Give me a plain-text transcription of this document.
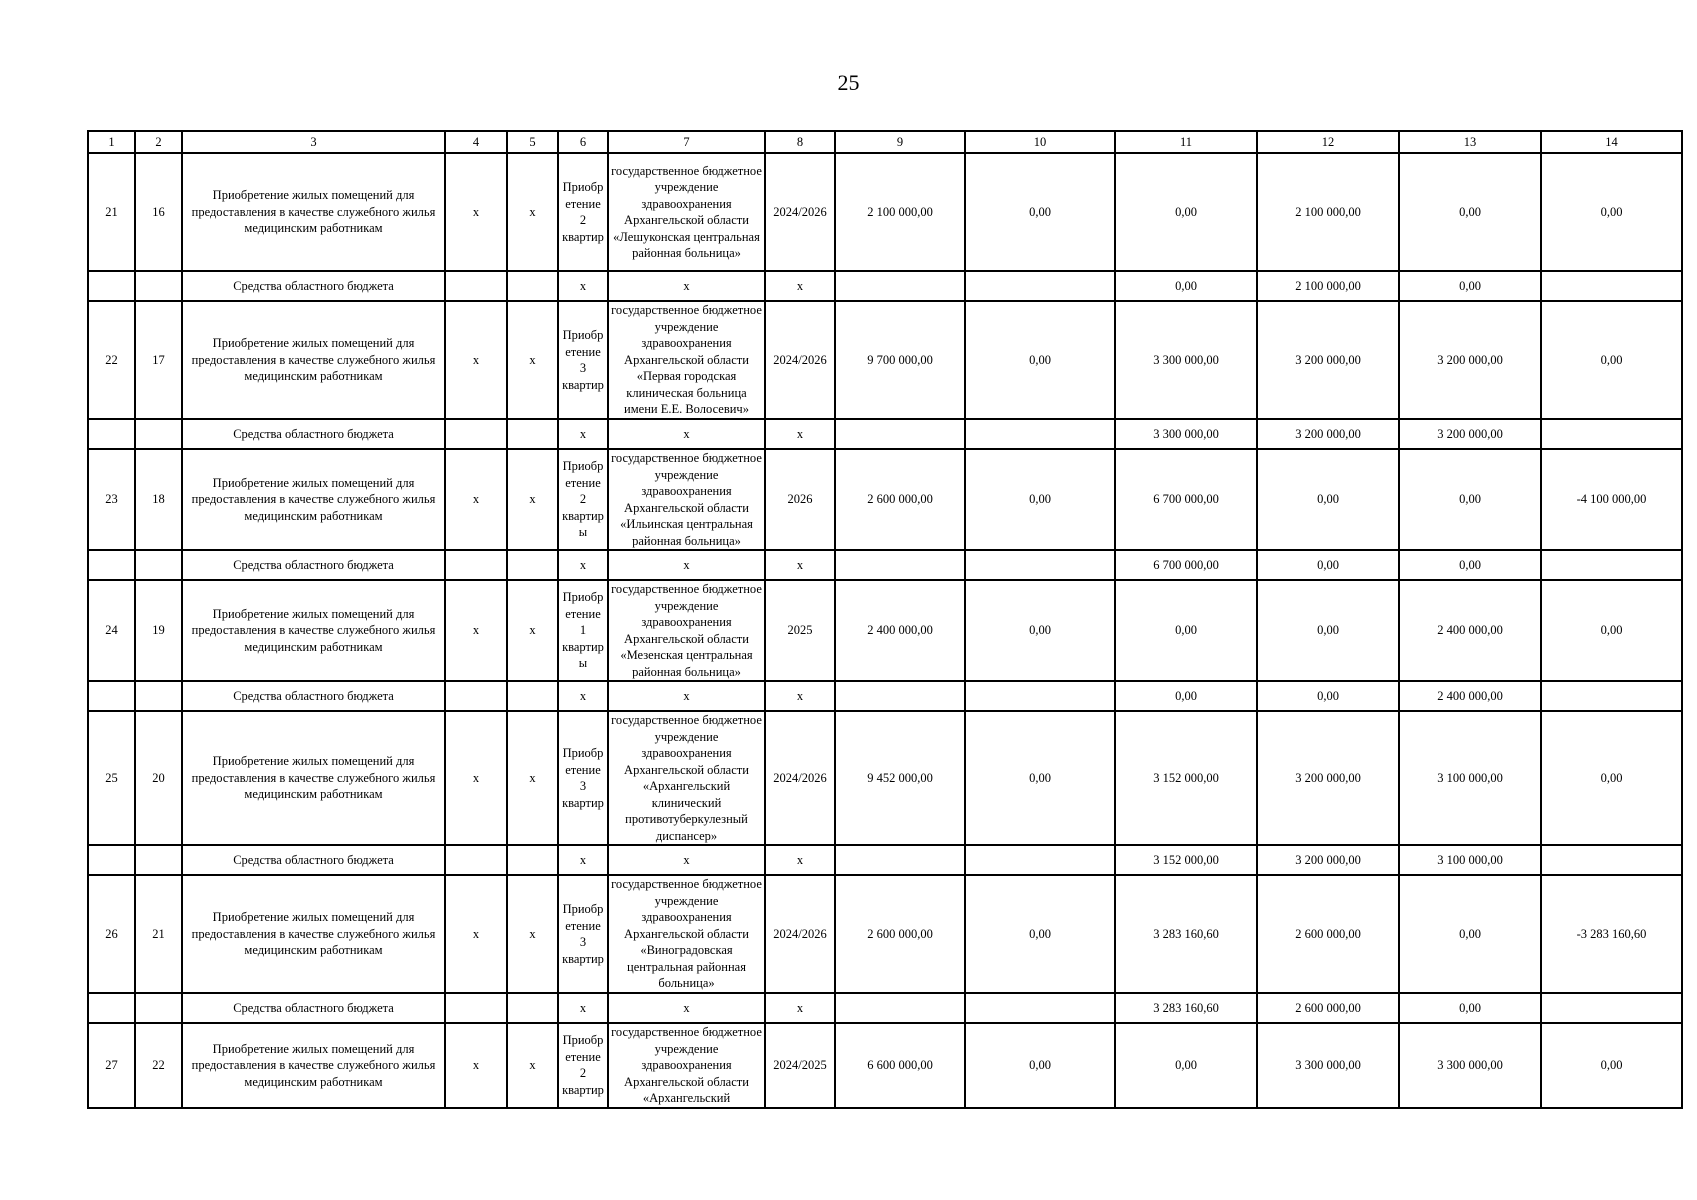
25
1	2	3	4	5	6	7	8	9	10	11	12	13	14
21	16	Приобретение жилых помещений для предоставления в качестве служебного жилья медицинским работникам	х	х	Приобретение 2 квартир	государственное бюджетное учреждение здравоохранения Архангельской области «Лешуконская центральная районная больница»	2024/2026	2 100 000,00	0,00	0,00	2 100 000,00	0,00	0,00
		Средства областного бюджета			х	х	х			0,00	2 100 000,00	0,00	
22	17	Приобретение жилых помещений для предоставления в качестве служебного жилья медицинским работникам	х	х	Приобретение 3 квартир	государственное бюджетное учреждение здравоохранения Архангельской области «Первая городская клиническая больница имени Е.Е. Волосевич»	2024/2026	9 700 000,00	0,00	3 300 000,00	3 200 000,00	3 200 000,00	0,00
		Средства областного бюджета			х	х	х			3 300 000,00	3 200 000,00	3 200 000,00	
23	18	Приобретение жилых помещений для предоставления в качестве служебного жилья медицинским работникам	х	х	Приобретение 2 квартиры	государственное бюджетное учреждение здравоохранения Архангельской области «Ильинская центральная районная больница»	2026	2 600 000,00	0,00	6 700 000,00	0,00	0,00	-4 100 000,00
		Средства областного бюджета			х	х	х			6 700 000,00	0,00	0,00	
24	19	Приобретение жилых помещений для предоставления в качестве служебного жилья медицинским работникам	х	х	Приобретение 1 квартиры	государственное бюджетное учреждение здравоохранения Архангельской области «Мезенская центральная районная больница»	2025	2 400 000,00	0,00	0,00	0,00	2 400 000,00	0,00
		Средства областного бюджета			х	х	х			0,00	0,00	2 400 000,00	
25	20	Приобретение жилых помещений для предоставления в качестве служебного жилья медицинским работникам	х	х	Приобретение 3 квартир	государственное бюджетное учреждение здравоохранения Архангельской области «Архангельский клинический противотуберкулезный диспансер»	2024/2026	9 452 000,00	0,00	3 152 000,00	3 200 000,00	3 100 000,00	0,00
		Средства областного бюджета			х	х	х			3 152 000,00	3 200 000,00	3 100 000,00	
26	21	Приобретение жилых помещений для предоставления в качестве служебного жилья медицинским работникам	х	х	Приобретение 3 квартир	государственное бюджетное учреждение здравоохранения Архангельской области «Виноградовская центральная районная больница»	2024/2026	2 600 000,00	0,00	3 283 160,60	2 600 000,00	0,00	-3 283 160,60
		Средства областного бюджета			х	х	х			3 283 160,60	2 600 000,00	0,00	
27	22	Приобретение жилых помещений для предоставления в качестве служебного жилья медицинским работникам	х	х	Приобретение 2 квартир	государственное бюджетное учреждение здравоохранения Архангельской области «Архангельский	2024/2025	6 600 000,00	0,00	0,00	3 300 000,00	3 300 000,00	0,00
